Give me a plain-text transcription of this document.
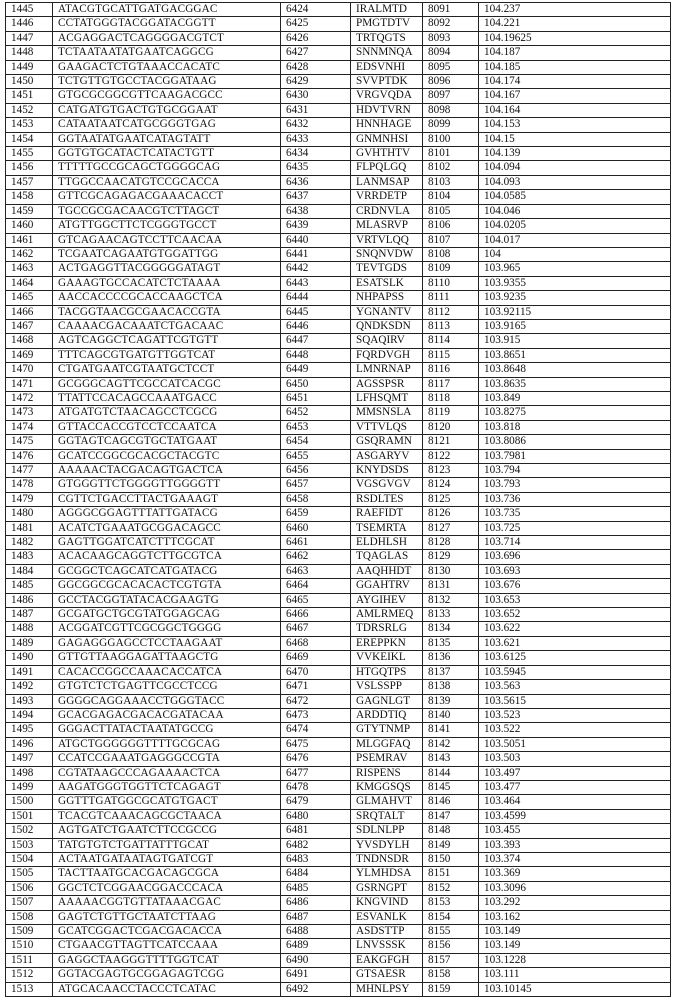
1445	ATACGTGCATTGATGACGGAC	6424	IRALMTD	8091	104.237
1446	CCTATGGGTACGGATACGGTT	6425	PMGTDTV	8092	104.221
1447	ACGAGGACTCAGGGGACGTCT	6426	TRTQGTS	8093	104.19625
1448	TCTAATAATATGAATCAGGCG	6427	SNNMNQA	8094	104.187
1449	GAAGACTCTGTAAACCACATC	6428	EDSVNHI	8095	104.185
1450	TCTGTTGTGCCTACGGATAAG	6429	SVVPTDK	8096	104.174
1451	GTGCGCGGCGTTCAAGACGCC	6430	VRGVQDA	8097	104.167
1452	CATGATGTGACTGTGCGGAAT	6431	HDVTVRN	8098	104.164
1453	CATAATAATCATGCGGGTGAG	6432	HNNHAGE	8099	104.153
1454	GGTAATATGAATCATAGTATT	6433	GNMNHSI	8100	104.15
1455	GGTGTGCATACTCATACTGTT	6434	GVHTHTV	8101	104.139
1456	TTTTTGCCGCAGCTGGGGCAG	6435	FLPQLGQ	8102	104.094
1457	TTGGCCAACATGTCCGCACCA	6436	LANMSAP	8103	104.093
1458	GTTCGCAGAGACGAAACACCT	6437	VRRDETP	8104	104.0585
1459	TGCCGCGACAACGTCTTAGCT	6438	CRDNVLA	8105	104.046
1460	ATGTTGGCTTCTCGGGTGCCT	6439	MLASRVP	8106	104.0205
1461	GTCAGAACAGTCCTTCAACAA	6440	VRTVLQQ	8107	104.017
1462	TCGAATCAGAATGTGGATTGG	6441	SNQNVDW	8108	104
1463	ACTGAGGTTACGGGGGATAGT	6442	TEVTGDS	8109	103.965
1464	GAAAGTGCCACATCTCTAAAA	6443	ESATSLK	8110	103.9355
1465	AACCACCCCGCACCAAGCTCA	6444	NHPAPSS	8111	103.9235
1466	TACGGTAACGCGAACACCGTA	6445	YGNANTV	8112	103.92115
1467	CAAAACGACAAATCTGACAAC	6446	QNDKSDN	8113	103.9165
1468	AGTCAGGCTCAGATTCGTGTT	6447	SQAQIRV	8114	103.915
1469	TTTCAGCGTGATGTTGGTCAT	6448	FQRDVGH	8115	103.8651
1470	CTGATGAATCGTAATGCTCCT	6449	LMNRNAP	8116	103.8648
1471	GCGGGCAGTTCGCCATCACGC	6450	AGSSPSR	8117	103.8635
1472	TTATTCCACAGCCAAATGACC	6451	LFHSQMT	8118	103.849
1473	ATGATGTCTAACAGCCTCGCG	6452	MMSNSLA	8119	103.8275
1474	GTTACCACCGTCCTCCAATCA	6453	VTTVLQS	8120	103.818
1475	GGTAGTCAGCGTGCTATGAAT	6454	GSQRAMN	8121	103.8086
1476	GCATCCGGCGCACGCTACGTC	6455	ASGARYV	8122	103.7981
1477	AAAAACTACGACAGTGACTCA	6456	KNYDSDS	8123	103.794
1478	GTGGGTTCTGGGGTTGGGGTT	6457	VGSGVGV	8124	103.793
1479	CGTTCTGACCTTACTGAAAGT	6458	RSDLTES	8125	103.736
1480	AGGGCGGAGTTTATTGATACG	6459	RAEFIDT	8126	103.735
1481	ACATCTGAAATGCGGACAGCC	6460	TSEMRTA	8127	103.725
1482	GAGTTGGATCATCTTTCGCAT	6461	ELDHLSH	8128	103.714
1483	ACACAAGCAGGTCTTGCGTCA	6462	TQAGLAS	8129	103.696
1484	GCGGCTCAGCATCATGATACG	6463	AAQHHDT	8130	103.693
1485	GGCGGCGCACACACTCGTGTA	6464	GGAHTRV	8131	103.676
1486	GCCTACGGTATACACGAAGTG	6465	AYGIHEV	8132	103.653
1487	GCGATGCTGCGTATGGAGCAG	6466	AMLRMEQ	8133	103.652
1488	ACGGATCGTTCGCGGCTGGGG	6467	TDRSRLG	8134	103.622
1489	GAGAGGGAGCCTCCTAAGAAT	6468	EREPPKN	8135	103.621
1490	GTTGTTAAGGAGATTAAGCTG	6469	VVKEIKL	8136	103.6125
1491	CACACCGGCCAAACACCATCA	6470	HTGQTPS	8137	103.5945
1492	GTGTCTCTGAGTTCGCCTCCG	6471	VSLSSPP	8138	103.563
1493	GGGGCAGGAAACCTGGGTACC	6472	GAGNLGT	8139	103.5615
1494	GCACGAGACGACACGATACAA	6473	ARDDTIQ	8140	103.523
1495	GGGACTTATACTAATATGCCG	6474	GTYTNMP	8141	103.522
1496	ATGCTGGGGGGTTTTGCGCAG	6475	MLGGFAQ	8142	103.5051
1497	CCATCCGAAATGAGGGCCGTA	6476	PSEMRAV	8143	103.503
1498	CGTATAAGCCCAGAAAACTCA	6477	RISPENS	8144	103.497
1499	AAGATGGGTGGTTCTCAGAGT	6478	KMGGSQS	8145	103.477
1500	GGTTTGATGGCGCATGTGACT	6479	GLMAHVT	8146	103.464
1501	TCACGTCAAACAGCGCTAACA	6480	SRQTALT	8147	103.4599
1502	AGTGATCTGAATCTTCCGCCG	6481	SDLNLPP	8148	103.455
1503	TATGTGTCTGATTATTTGCAT	6482	YVSDYLH	8149	103.393
1504	ACTAATGATAATAGTGATCGT	6483	TNDNSDR	8150	103.374
1505	TACTTAATGCACGACAGCGCA	6484	YLMHDSA	8151	103.369
1506	GGCTCTCGGAACGGACCCACA	6485	GSRNGPT	8152	103.3096
1507	AAAAACGGTGTTATAAACGAC	6486	KNGVIND	8153	103.292
1508	GAGTCTGTTGCTAATCTTAAG	6487	ESVANLK	8154	103.162
1509	GCATCGGACTCGACGACACCA	6488	ASDSTTP	8155	103.149
1510	CTGAACGTTAGTTCATCCAAA	6489	LNVSSSK	8156	103.149
1511	GAGGCTAAGGGTTTTGGTCAT	6490	EAKGFGH	8157	103.1228
1512	GGTACGAGTGCGGAGAGTCGG	6491	GTSAESR	8158	103.111
1513	ATGCACAACCTACCCTCATAC	6492	MHNLPSY	8159	103.10145
